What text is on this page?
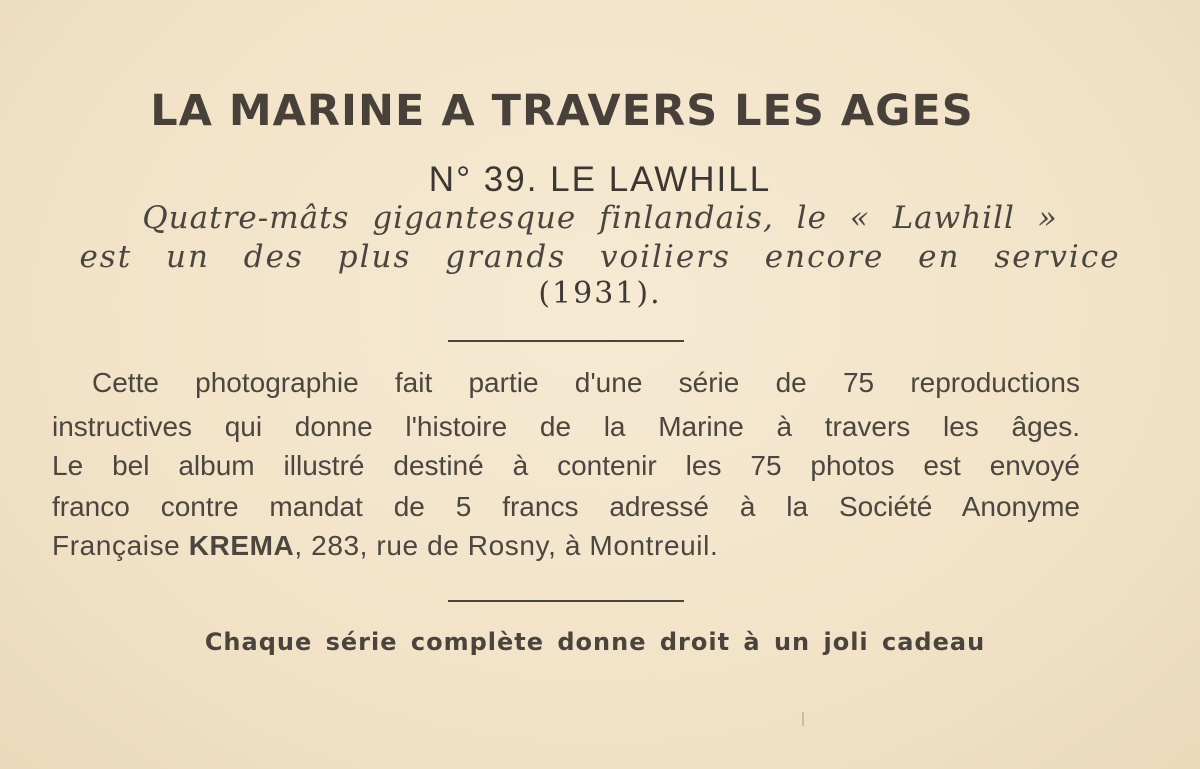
LA MARINE A TRAVERS LES AGES
N° 39. LE LAWHILL
Quatre-mâts gigantesque finlandais, le « Lawhill »
est un des plus grands voiliers encore en service
(1931).
Cette photographie fait partie d'une série de 75 reproductions
instructives qui donne l'histoire de la Marine à travers les âges.
Le bel album illustré destiné à contenir les 75 photos est envoyé
franco contre mandat de 5 francs adressé à la Société Anonyme
Française KREMA, 283, rue de Rosny, à Montreuil.
Chaque série complète donne droit à un joli cadeau
